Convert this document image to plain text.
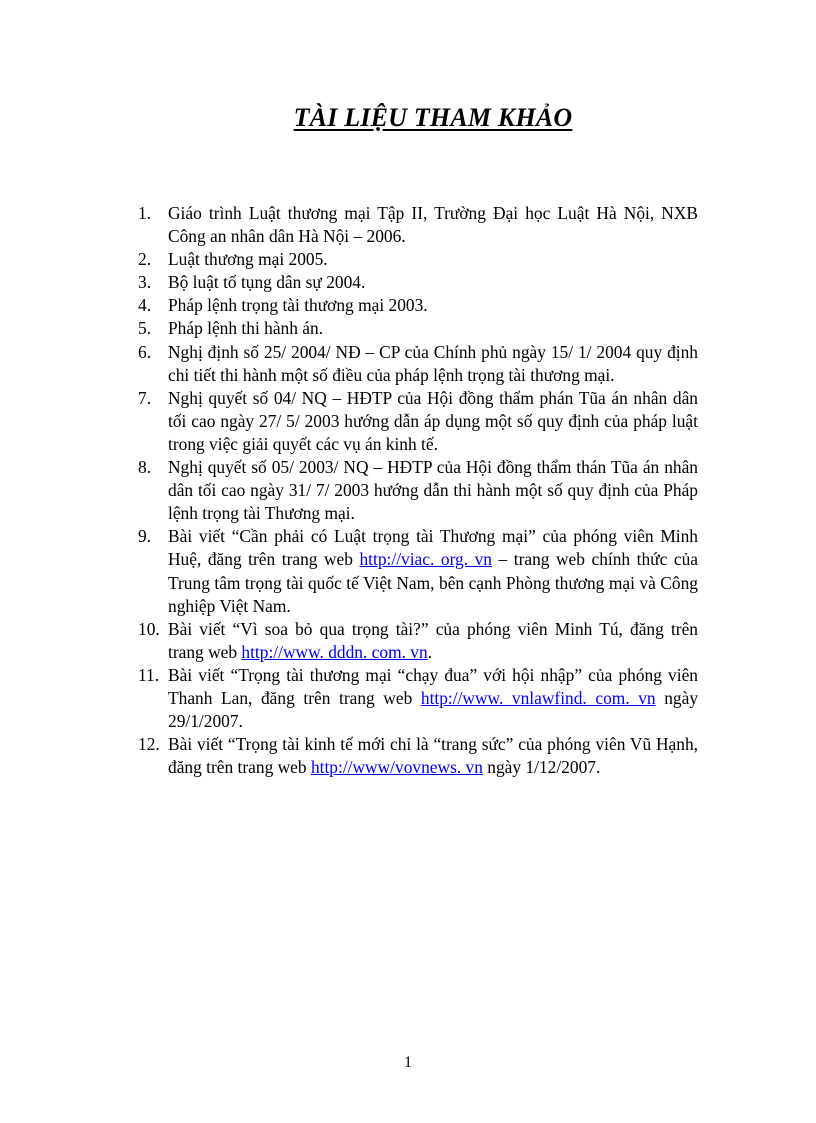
TÀI LIỆU THAM KHẢO
1. Giáo trình Luật thương mại Tập II, Trường Đại học Luật Hà Nội, NXB Công an nhân dân Hà Nội – 2006.
2. Luật thương mại 2005.
3. Bộ luật tố tụng dân sự 2004.
4. Pháp lệnh trọng tài thương mại 2003.
5. Pháp lệnh thi hành án.
6. Nghị định số 25/ 2004/ NĐ – CP của Chính phủ ngày 15/ 1/ 2004 quy định chi tiết thi hành một số điều của pháp lệnh trọng tài thương mại.
7. Nghị quyết số 04/ NQ – HĐTP của Hội đồng thẩm phán Tũa án nhân dân tối cao ngày 27/ 5/ 2003 hướng dẫn áp dụng một số quy định của pháp luật trong việc giải quyết các vụ án kinh tế.
8. Nghị quyết số 05/ 2003/ NQ – HĐTP của Hội đồng thẩm thán Tũa án nhân dân tối cao ngày 31/ 7/ 2003 hướng dẫn thi hành một số quy định của Pháp lệnh trọng tài Thương mại.
9. Bài viết “Cần phải có Luật trọng tài Thương mại” của phóng viên Minh Huệ, đăng trên trang web http://viac. org. vn – trang web chính thức của Trung tâm trọng tài quốc tế Việt Nam, bên cạnh Phòng thương mại và Công nghiệp Việt Nam.
10. Bài viết “Vì soa bỏ qua trọng tài?” của phóng viên Minh Tú, đăng trên trang web http://www. dddn. com. vn.
11. Bài viết “Trọng tài thương mại “chạy đua” với hội nhập” của phóng viên Thanh Lan, đăng trên trang web http://www. vnlawfind. com. vn ngày 29/1/2007.
12. Bài viết “Trọng tài kinh tế mới chỉ là “trang sức” của phóng viên Vũ Hạnh, đăng trên trang web http://www/vovnews. vn ngày 1/12/2007.
1
